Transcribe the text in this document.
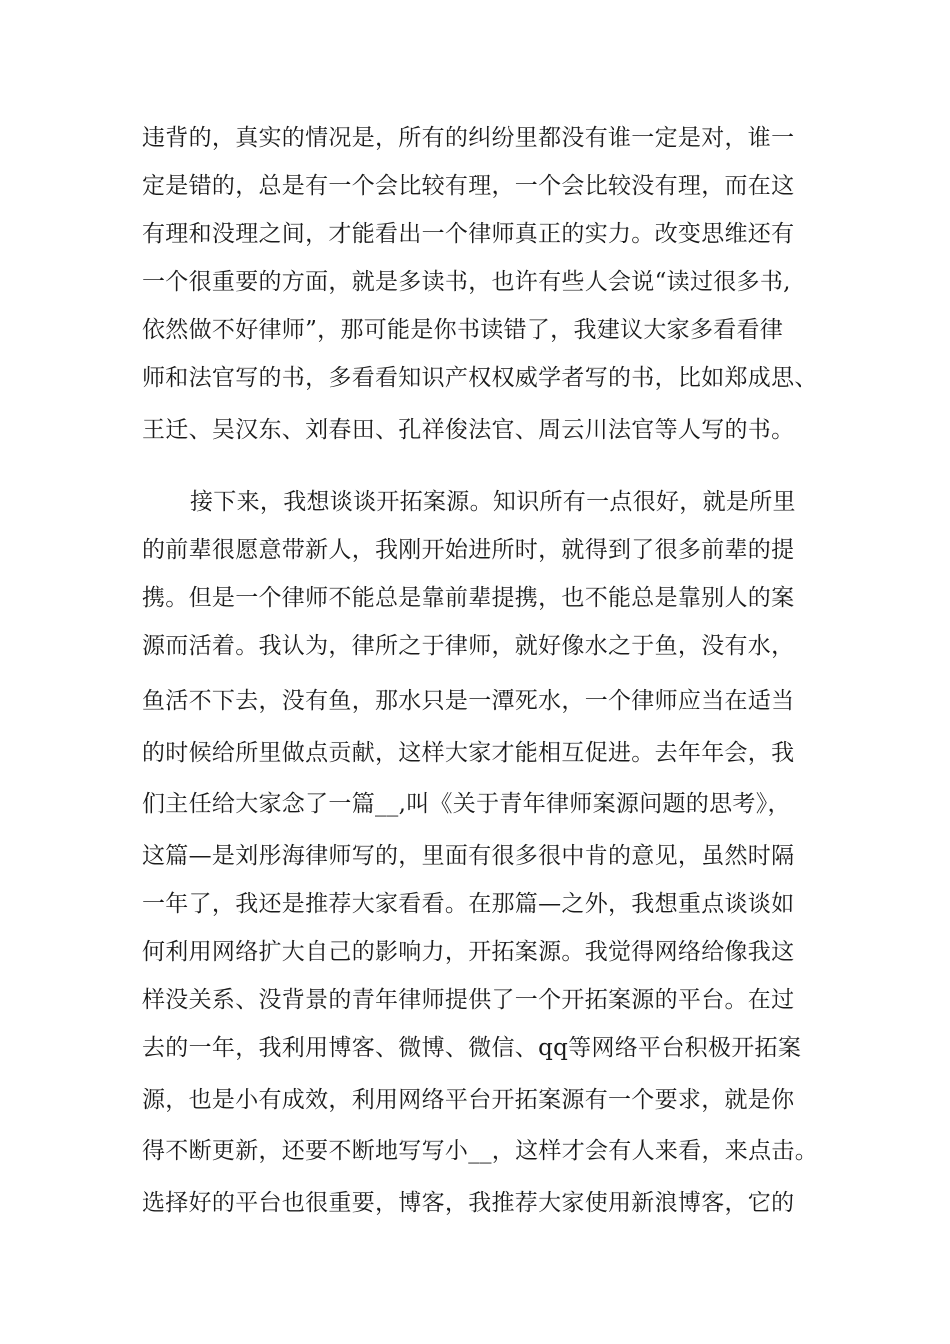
违背的，真实的情况是，所有的纠纷里都没有谁一定是对，谁一
定是错的，总是有一个会比较有理，一个会比较没有理，而在这
有理和没理之间，才能看出一个律师真正的实力。改变思维还有
一个很重要的方面，就是多读书，也许有些人会说“读过很多书,
依然做不好律师”，那可能是你书读错了，我建议大家多看看律
师和法官写的书，多看看知识产权权威学者写的书，比如郑成思、
王迁、吴汉东、刘春田、孔祥俊法官、周云川法官等人写的书。
接下来，我想谈谈开拓案源。知识所有一点很好，就是所里
的前辈很愿意带新人，我刚开始进所时，就得到了很多前辈的提
携。但是一个律师不能总是靠前辈提携，也不能总是靠别人的案
源而活着。我认为，律所之于律师，就好像水之于鱼，没有水，
鱼活不下去，没有鱼，那水只是一潭死水，一个律师应当在适当
的时候给所里做点贡献，这样大家才能相互促进。去年年会，我
们主任给大家念了一篇__,叫《关于青年律师案源问题的思考》，
这篇—是刘彤海律师写的，里面有很多很中肯的意见，虽然时隔
一年了，我还是推荐大家看看。在那篇—之外，我想重点谈谈如
何利用网络扩大自己的影响力，开拓案源。我觉得网络给像我这
样没关系、没背景的青年律师提供了一个开拓案源的平台。在过
去的一年，我利用博客、微博、微信、qq等网络平台积极开拓案
源，也是小有成效，利用网络平台开拓案源有一个要求，就是你
得不断更新，还要不断地写写小__，这样才会有人来看，来点击。
选择好的平台也很重要，博客，我推荐大家使用新浪博客，它的
